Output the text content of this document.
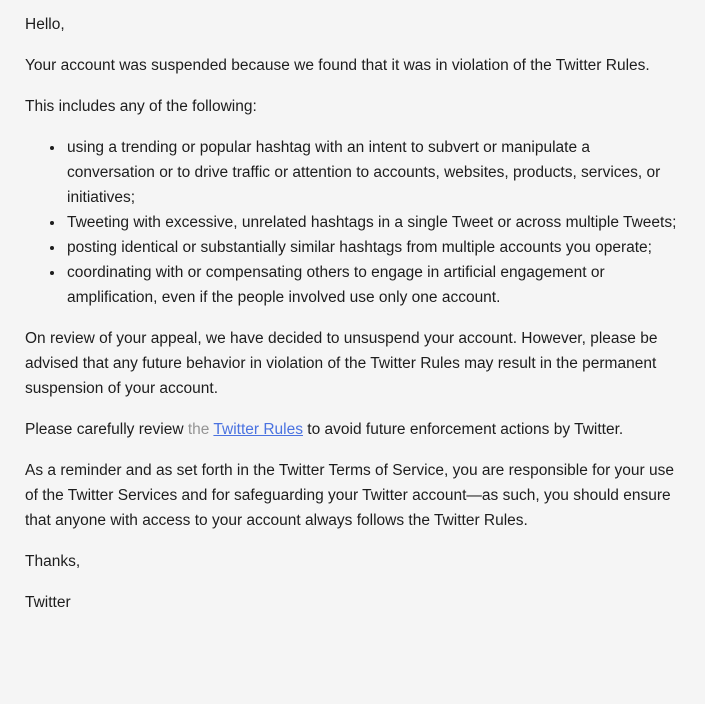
Hello,

Your account was suspended because we found that it was in violation of the Twitter Rules.

This includes any of the following:

• using a trending or popular hashtag with an intent to subvert or manipulate a conversation or to drive traffic or attention to accounts, websites, products, services, or initiatives;
• Tweeting with excessive, unrelated hashtags in a single Tweet or across multiple Tweets;
• posting identical or substantially similar hashtags from multiple accounts you operate;
• coordinating with or compensating others to engage in artificial engagement or amplification, even if the people involved use only one account.

On review of your appeal, we have decided to unsuspend your account. However, please be advised that any future behavior in violation of the Twitter Rules may result in the permanent suspension of your account.

Please carefully review the Twitter Rules to avoid future enforcement actions by Twitter.

As a reminder and as set forth in the Twitter Terms of Service, you are responsible for your use of the Twitter Services and for safeguarding your Twitter account—as such, you should ensure that anyone with access to your account always follows the Twitter Rules.

Thanks,

Twitter
